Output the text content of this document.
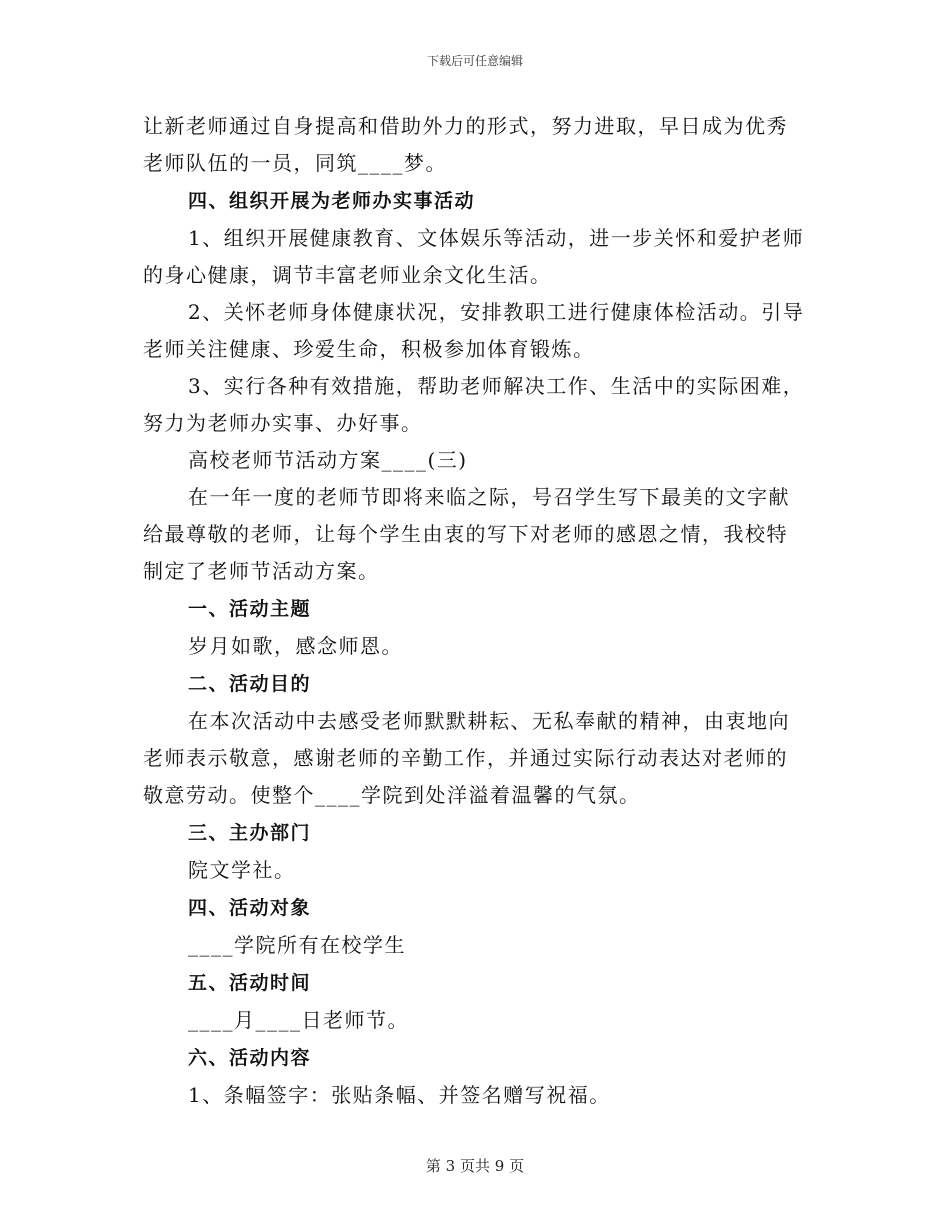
下载后可任意编辑

让新老师通过自身提高和借助外力的形式，努力进取，早日成为优秀

老师队伍的一员，同筑____梦。

四、组织开展为老师办实事活动

1、组织开展健康教育、文体娱乐等活动，进一步关怀和爱护老师

的身心健康，调节丰富老师业余文化生活。

2、关怀老师身体健康状况，安排教职工进行健康体检活动。引导

老师关注健康、珍爱生命，积极参加体育锻炼。

3、实行各种有效措施，帮助老师解决工作、生活中的实际困难，

努力为老师办实事、办好事。

高校老师节活动方案____(三)

在一年一度的老师节即将来临之际，号召学生写下最美的文字献

给最尊敬的老师，让每个学生由衷的写下对老师的感恩之情，我校特

制定了老师节活动方案。

一、活动主题

岁月如歌，感念师恩。

二、活动目的

在本次活动中去感受老师默默耕耘、无私奉献的精神，由衷地向

老师表示敬意，感谢老师的辛勤工作，并通过实际行动表达对老师的

敬意劳动。使整个____学院到处洋溢着温馨的气氛。

三、主办部门

院文学社。

四、活动对象

____学院所有在校学生

五、活动时间

____月____日老师节。

六、活动内容

1、条幅签字：张贴条幅、并签名赠写祝福。

第 3 页共 9 页
